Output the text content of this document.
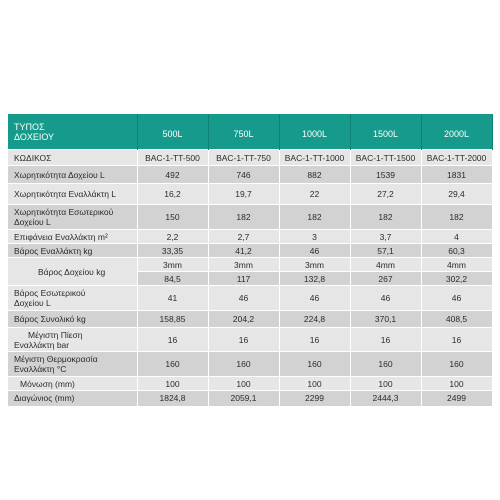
ΤΥΠΟΣ
ΔΟΧΕΙΟΥ	500L	750L	1000L	1500L	2000L
ΚΩΔΙΚΟΣ	BAC-1-TT-500	BAC-1-TT-750	BAC-1-TT-1000	BAC-1-TT-1500	BAC-1-TT-2000
Χωρητικότητα Δοχείου L	492	746	882	1539	1831
Χωρητικότητα Εναλλάκτη L	16,2	19,7	22	27,2	29,4

Χωρητικότητα Εσωτερικού
Δοχείου L	150	182	182	182	182
Επιφάνεια Εναλλάκτη m²	2,2	2,7	3	3,7	4
Βάρος Εναλλάκτη kg	33,35	41,2	46	57,1	60,3
Βάρος Δοχείου kg	3mm	3mm	3mm	4mm	4mm
	84,5	117	132,8	267	302,2

Βάρος Εσωτερικού
Δοχείου L	41	46	46	46	46
Βάρος Συνολικό kg	158,85	204,2	224,8	370,1	408,5

Μέγιστη Πίεση
Εναλλάκτη bar	16	16	16	16	16

Μέγιστη Θερμοκρασία
Εναλλάκτη °C	160	160	160	160	160
Μόνωση (mm)	100	100	100	100	100
Διαγώνιος (mm)	1824,8	2059,1	2299	2444,3	2499
